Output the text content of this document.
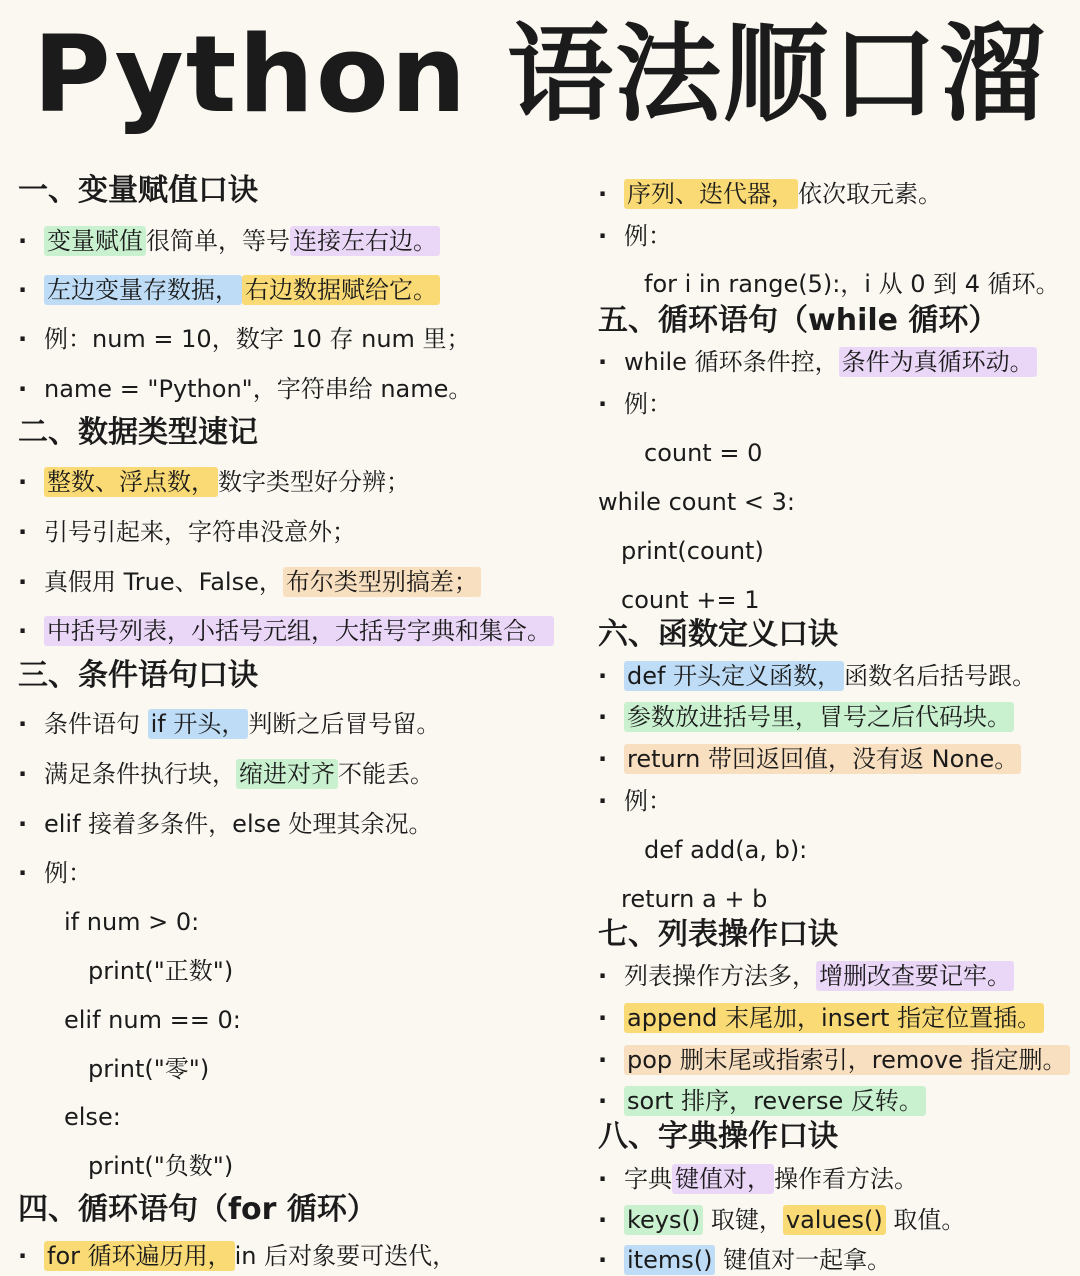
Python 语法顺口溜
一、变量赋值口诀
· 变量赋值 很简单，等号 连接左右边。
· 左边变量存数据， 右边数据赋给它。
· 例：num = 10，数字 10 存 num 里；
· name = "Python"，字符串给 name。
二、数据类型速记
· 整数、浮点数， 数字类型好分辨；
· 引号引起来，字符串没意外；
· 真假用 True、False， 布尔类型别搞差；
· 中括号列表，小括号元组，大括号字典和集合。
三、条件语句口诀
· 条件语句 if 开头， 判断之后冒号留。
· 满足条件执行块， 缩进对齐 不能丢。
· elif 接着多条件，else 处理其余况。
· 例：
if num > 0:
print("正数")
elif num == 0:
print("零")
else:
print("负数")
四、循环语句（for 循环）
· for 循环遍历用， in 后对象要可迭代，
· 序列、迭代器， 依次取元素。
· 例：
for i in range(5):，i 从 0 到 4 循环。
五、循环语句（while 循环）
· while 循环条件控， 条件为真循环动。
· 例：
count = 0
while count < 3:
print(count)
count += 1
六、函数定义口诀
· def 开头定义函数， 函数名后括号跟。
· 参数放进括号里，冒号之后代码块。
· return 带回返回值，没有返 None。
· 例：
def add(a, b):
return a + b
七、列表操作口诀
· 列表操作方法多， 增删改查要记牢。
· append 末尾加，insert 指定位置插。
· pop 删末尾或指索引，remove 指定删。
· sort 排序，reverse 反转。
八、字典操作口诀
· 字典 键值对， 操作看方法。
· keys() 取键， values() 取值。
· items() 键值对一起拿。
